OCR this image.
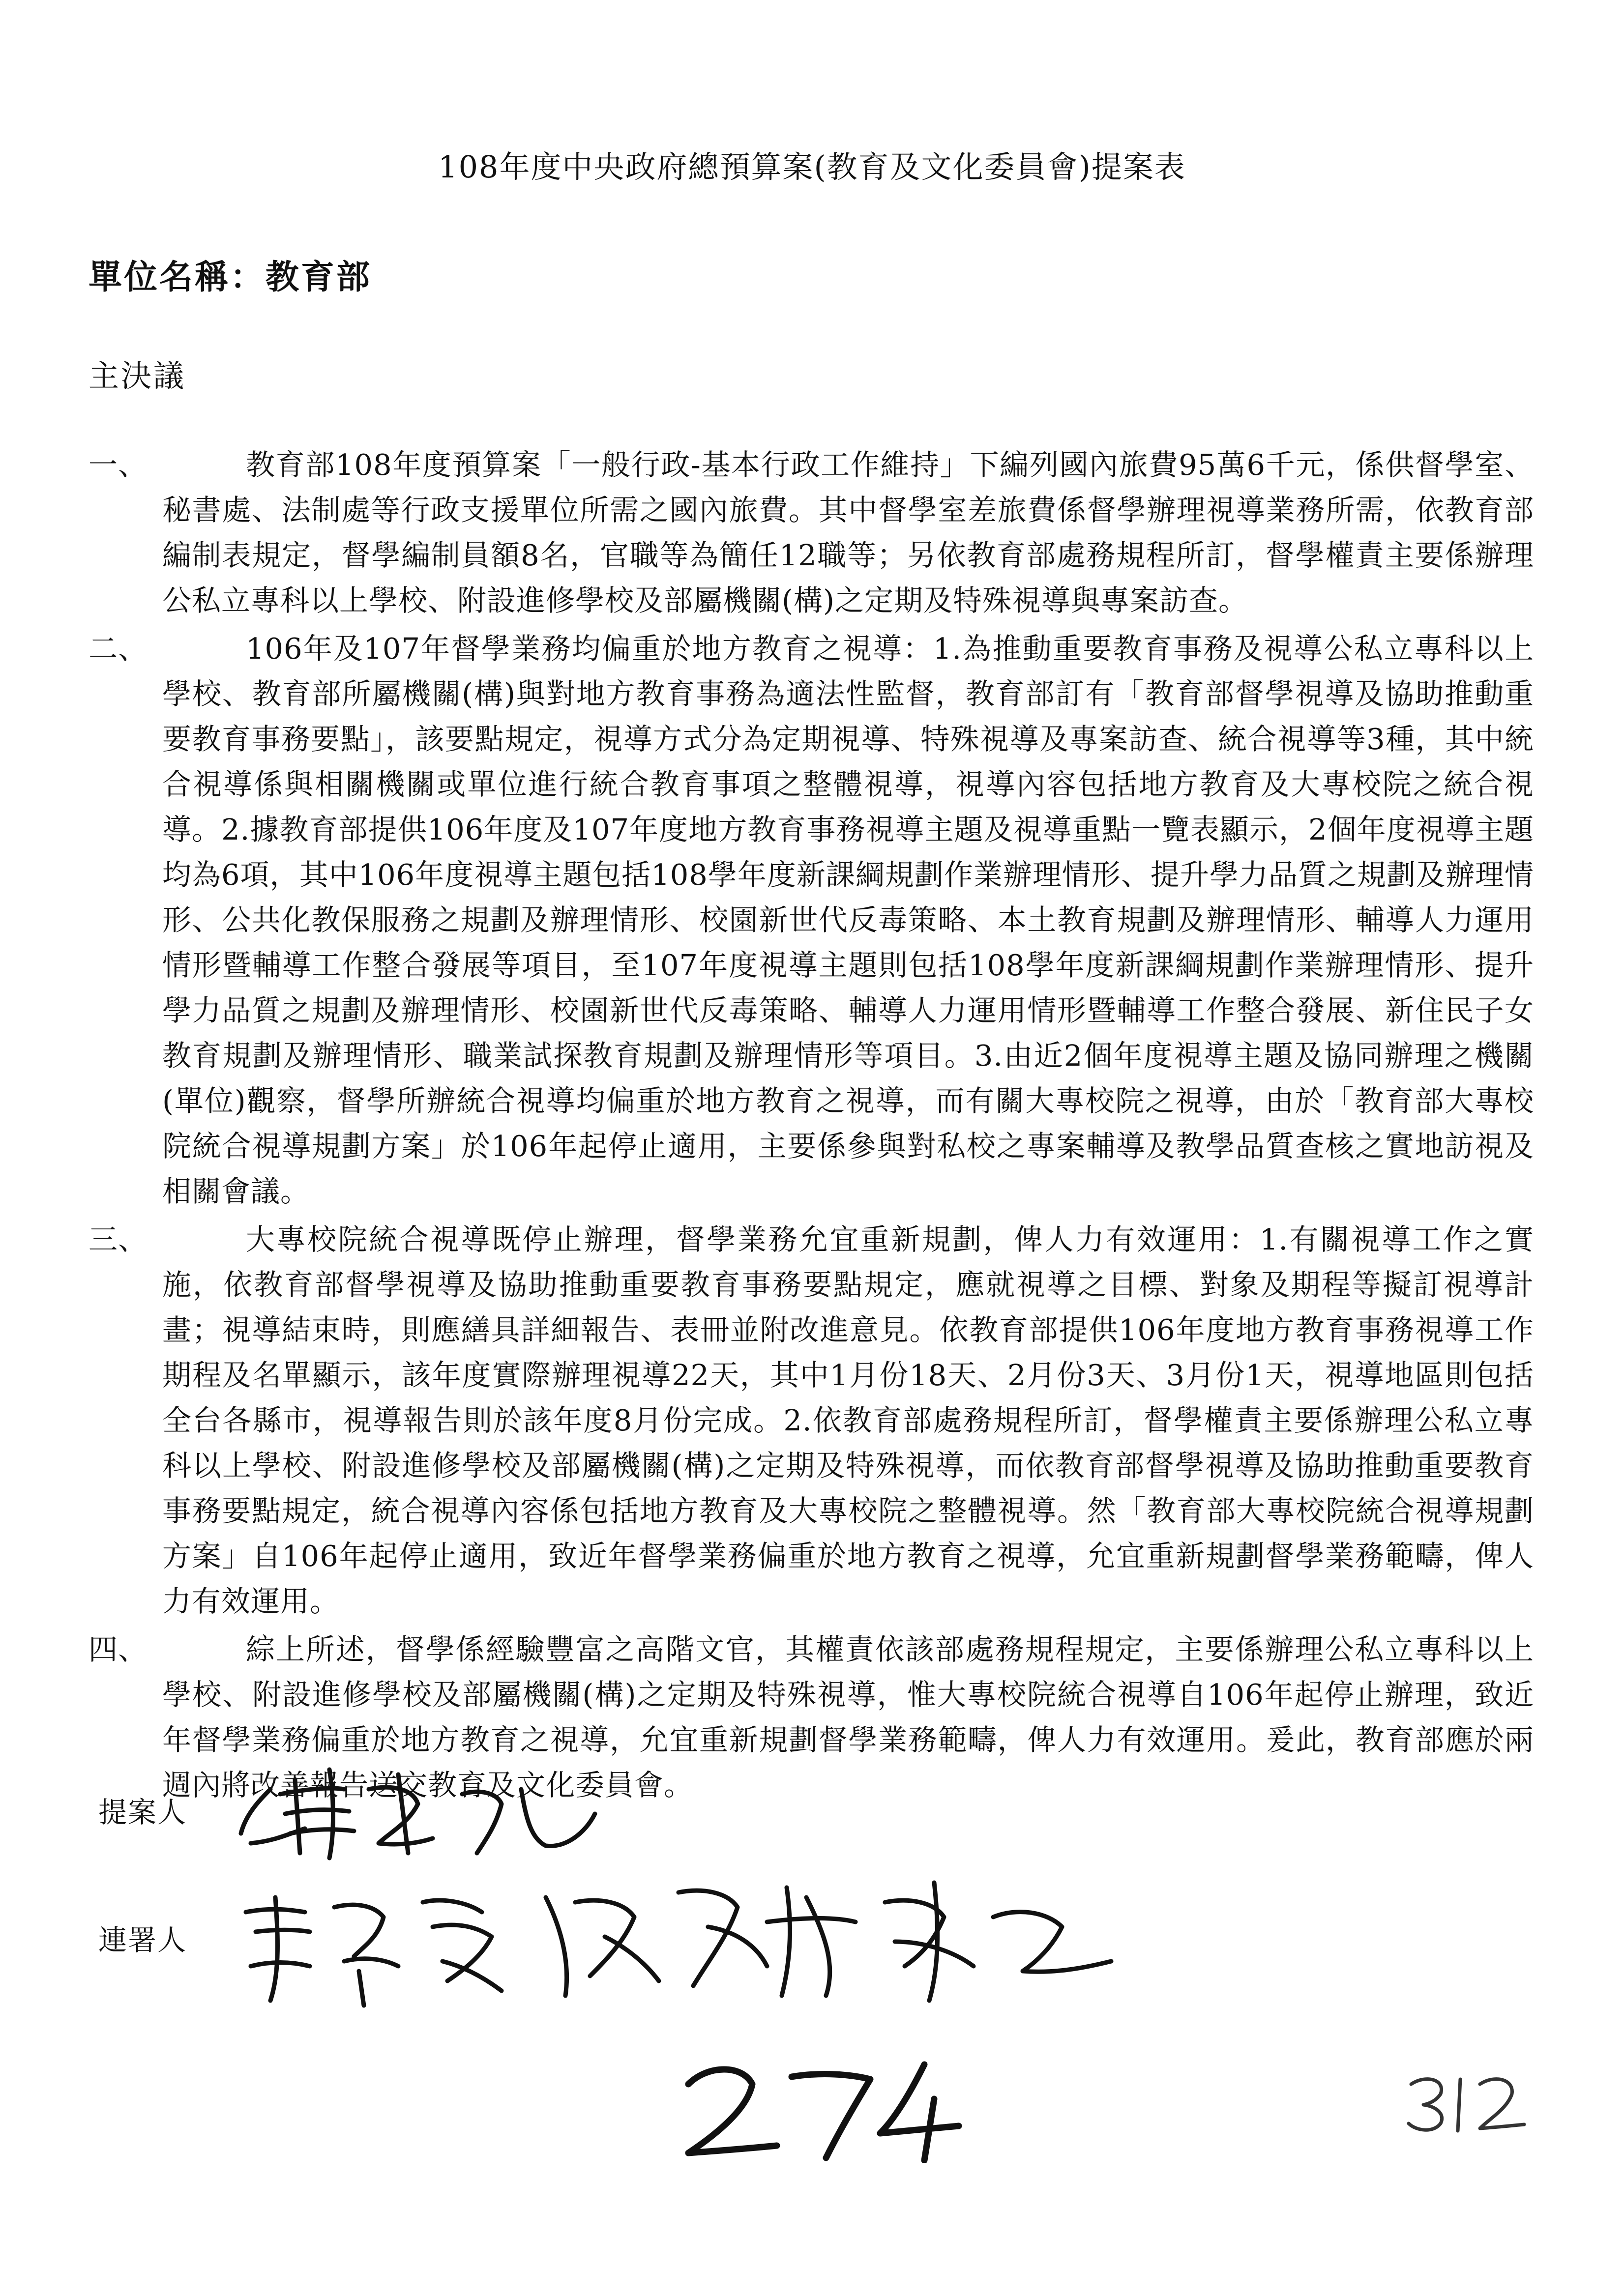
108年度中央政府總預算案(教育及文化委員會)提案表
單位名稱：教育部
主決議
一、	教育部108年度預算案「一般行政-基本行政工作維持」下編列國內旅費95萬6千元，係供督學室、秘書處、法制處等行政支援單位所需之國內旅費。其中督學室差旅費係督學辦理視導業務所需，依教育部編制表規定，督學編制員額8名，官職等為簡任12職等；另依教育部處務規程所訂，督學權責主要係辦理公私立專科以上學校、附設進修學校及部屬機關(構)之定期及特殊視導與專案訪查。
二、	106年及107年督學業務均偏重於地方教育之視導：1.為推動重要教育事務及視導公私立專科以上學校、教育部所屬機關(構)與對地方教育事務為適法性監督，教育部訂有「教育部督學視導及協助推動重要教育事務要點」，該要點規定，視導方式分為定期視導、特殊視導及專案訪查、統合視導等3種，其中統合視導係與相關機關或單位進行統合教育事項之整體視導，視導內容包括地方教育及大專校院之統合視導。2.據教育部提供106年度及107年度地方教育事務視導主題及視導重點一覽表顯示，2個年度視導主題均為6項，其中106年度視導主題包括108學年度新課綱規劃作業辦理情形、提升學力品質之規劃及辦理情形、公共化教保服務之規劃及辦理情形、校園新世代反毒策略、本土教育規劃及辦理情形、輔導人力運用情形暨輔導工作整合發展等項目，至107年度視導主題則包括108學年度新課綱規劃作業辦理情形、提升學力品質之規劃及辦理情形、校園新世代反毒策略、輔導人力運用情形暨輔導工作整合發展、新住民子女教育規劃及辦理情形、職業試探教育規劃及辦理情形等項目。3.由近2個年度視導主題及協同辦理之機關(單位)觀察，督學所辦統合視導均偏重於地方教育之視導，而有關大專校院之視導，由於「教育部大專校院統合視導規劃方案」於106年起停止適用，主要係參與對私校之專案輔導及教學品質查核之實地訪視及相關會議。
三、	大專校院統合視導既停止辦理，督學業務允宜重新規劃，俾人力有效運用：1.有關視導工作之實施，依教育部督學視導及協助推動重要教育事務要點規定，應就視導之目標、對象及期程等擬訂視導計畫；視導結束時，則應繕具詳細報告、表冊並附改進意見。依教育部提供106年度地方教育事務視導工作期程及名單顯示，該年度實際辦理視導22天，其中1月份18天、2月份3天、3月份1天，視導地區則包括全台各縣市，視導報告則於該年度8月份完成。2.依教育部處務規程所訂，督學權責主要係辦理公私立專科以上學校、附設進修學校及部屬機關(構)之定期及特殊視導，而依教育部督學視導及協助推動重要教育事務要點規定，統合視導內容係包括地方教育及大專校院之整體視導。然「教育部大專校院統合視導規劃方案」自106年起停止適用，致近年督學業務偏重於地方教育之視導，允宜重新規劃督學業務範疇，俾人力有效運用。
四、	綜上所述，督學係經驗豐富之高階文官，其權責依該部處務規程規定，主要係辦理公私立專科以上學校、附設進修學校及部屬機關(構)之定期及特殊視導，惟大專校院統合視導自106年起停止辦理，致近年督學業務偏重於地方教育之視導，允宜重新規劃督學業務範疇，俾人力有效運用。爰此，教育部應於兩週內將改善報告送交教育及文化委員會。
提案人
連署人
